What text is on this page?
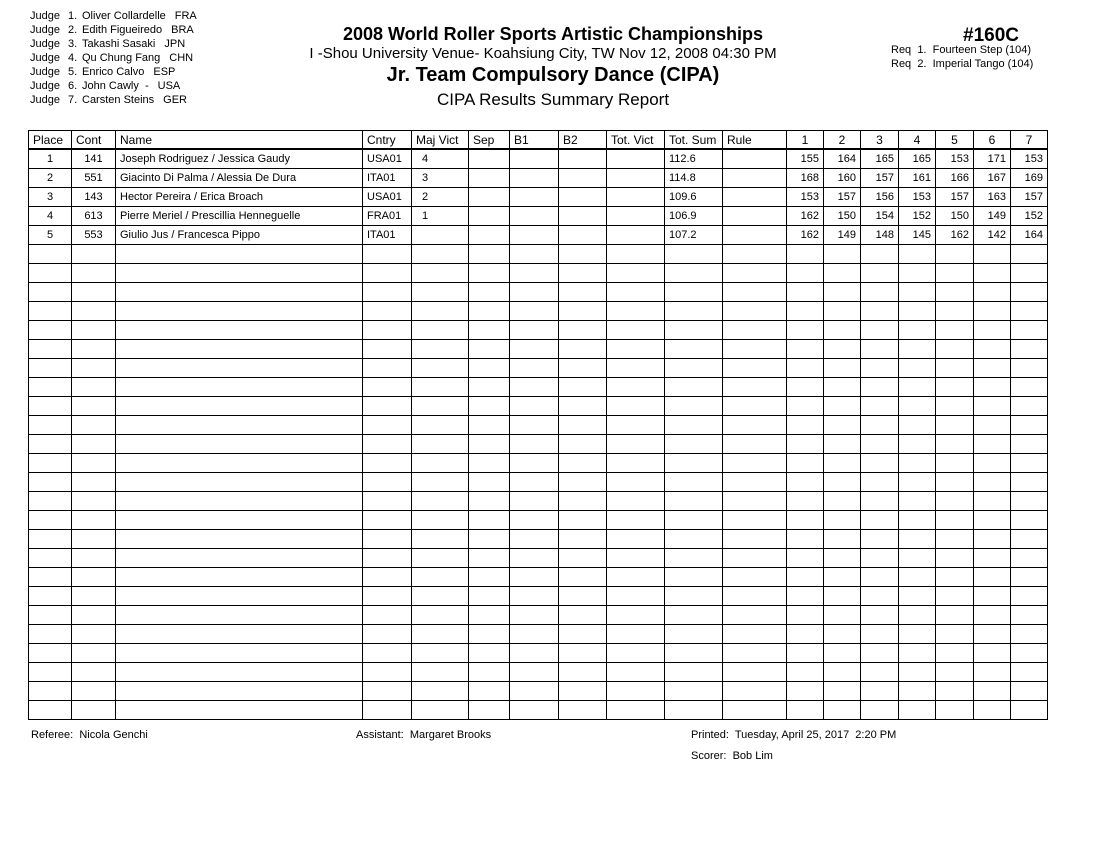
Judge 1. Oliver Collardelle FRA
Judge 2. Edith Figueiredo BRA
Judge 3. Takashi Sasaki JPN
Judge 4. Qu Chung Fang CHN
Judge 5. Enrico Calvo ESP
Judge 6. John Cawly  - USA
Judge 7. Carsten Steins GER
2008 World Roller Sports Artistic Championships
I -Shou University Venue- Koahsiung City, TW Nov 12, 2008 04:30 PM
Jr. Team Compulsory Dance (CIPA)
CIPA Results Summary Report
#160C
Req 1. Fourteen Step (104)
Req 2. Imperial Tango (104)
Place	Cont	Name	Cntry	Maj Vict	Sep	B1	B2	Tot. Vict	Tot. Sum	Rule	1	2	3	4	5	6	7
1	141	Joseph Rodriguez / Jessica Gaudy	USA01	4					112.6		155	164	165	165	153	171	153
2	551	Giacinto Di Palma / Alessia De Dura	ITA01	3					114.8		168	160	157	161	166	167	169
3	143	Hector Pereira / Erica Broach	USA01	2					109.6		153	157	156	153	157	163	157
4	613	Pierre Meriel / Prescillia Henneguelle	FRA01	1					106.9		162	150	154	152	150	149	152
5	553	Giulio Jus / Francesca Pippo	ITA01						107.2		162	149	148	145	162	142	164

Referee: Nicola Genchi	Assistant: Margaret Brooks	Printed: Tuesday, April 25, 2017  2:20 PM
Scorer: Bob Lim
